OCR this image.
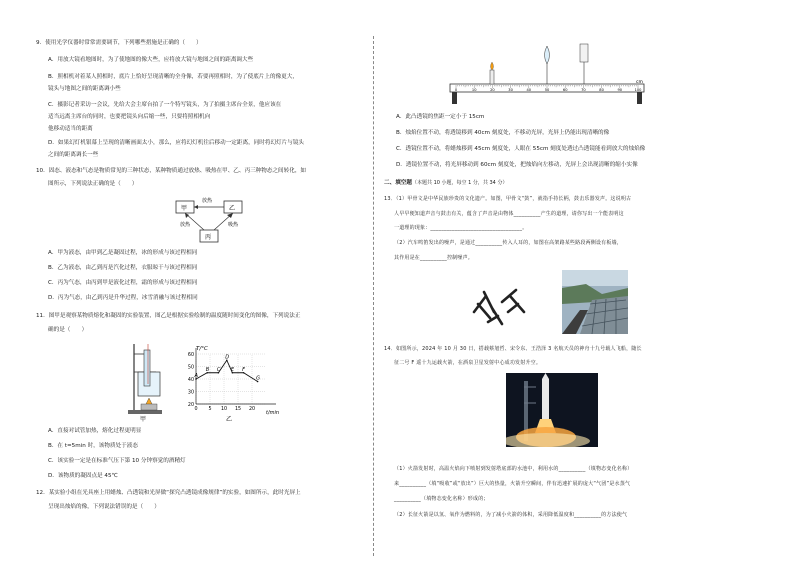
9．使用光学仪器时常常需要调节，下列哪些措施是正确的（　　）
A．用放大镜看地图时，为了使地图的像大些，应将放大镜与地图之间的距离调大些
B．照相机对着某人照相时，底片上恰好呈现清晰的全身像，若要再照相时，为了使底片上的像更大，
镜头与地图之间的距离调小些
C．摄影记者采访一会议，先给大会主席台拍了一个特写镜头，为了拍摄主席台全景，他应该在
适当远离主席台的同时，也要把镜头向后缩一些，只要将照相机向
他移动适当的距离
D．如果幻灯机银幕上呈现的清晰画面太小，那么，应将幻灯机往后移动一定距离，同时将幻灯片与镜头
之间的距离调长一些
10．固态、液态和气态是物质常见的三种状态，某种物质通过放热、吸热在甲、乙、丙三种物态之间转化，如
图所示，下列说法正确的是（　　）
甲	乙
丙
放热
放热	吸热
A．甲为液态，由甲到乙是凝固过程，冰的形成与该过程相同
B．乙为液态，由乙到丙是汽化过程，衣服晾干与该过程相同
C．丙为气态，由丙到甲是液化过程，霜的形成与该过程相同
D．丙为气态，由乙到丙是升华过程，冰雪消融与该过程相同
11．图甲是观察某物质熔化和凝固的实验装置，图乙是根据实验绘制的温度随时间变化的图像，下列说法正
确的是（　　）
甲
T/°C
t/min
乙
20
30
40
50
60
0 5 10 15 20
A
B C
D
E F
G
A．直接对试管加热，熔化过程更明显
B．在 t=5min 时，该物质处于液态
C．该实验一定是在标准气压下第 10 分钟察觉的酒精灯
D．该物质的凝固点是 45℃
12．某实验小组在光具座上用蜡烛、凸透镜和光屏做“探究凸透镜成像规律”的实验，如图所示，此时光屏上
呈现出烛焰的像，下列说法错误的是（　　）
0	10	20	30	40	50	60	70	80	90	100
cm
A．此凸透镜的焦距一定小于 15cm
B．烛焰位置不动，将透镜移到 40cm 刻度处，不移动光屏，光屏上仍能出现清晰的像
C．透镜位置不动，将蜡烛移到 45cm 刻度处，人眼在 55cm 刻度处透过凸透镜能看到放大的烛焰像
D．透镜位置不动，将光屏移动到 60cm 刻度处，把烛焰向左移动，光屏上会出现清晰的缩小实像
二、填空题（本题共 10 小题，每空 1 分，共 34 分）
13．（1）甲骨文是中华民族珍贵的文化遗产。如图，甲骨文“鼓”，就指手持长柄，鼓击乐器发声。这说明古
人早早便知道声音与鼓击有关，蕴含了声音是由物体__________产生的道理，请你写出一个能表明这
一道理的现象：__________________________________。
（2）汽车鸣笛发出的噪声，是通过__________传入人耳的，如图在高架路某些路段两侧设有板墙，
其作用是在__________控制噪声。
14．如图所示，2024 年 10 月 30 日，搭载蔡旭哲、宋令东、王浩泽 3 名航天员的神舟十九号载人飞船，随长
征二号 F 遥十九运载火箭，在酒泉卫星发射中心成功发射升空。
（1）火箭发射时，高温火焰向下喷射到发射塔底部的水池中，利用水的__________（填物态变化名称）
来__________（填“吸收”或“放出”）巨大的热量，火箭升空瞬间，伴有迅速扩展的庞大“气团”是水蒸气
__________（填物态变化名称）形成的；
（2）长征火箭是以氢、氧作为燃料的，为了减小火箭的体积，采用降低温度和__________的方法使气
